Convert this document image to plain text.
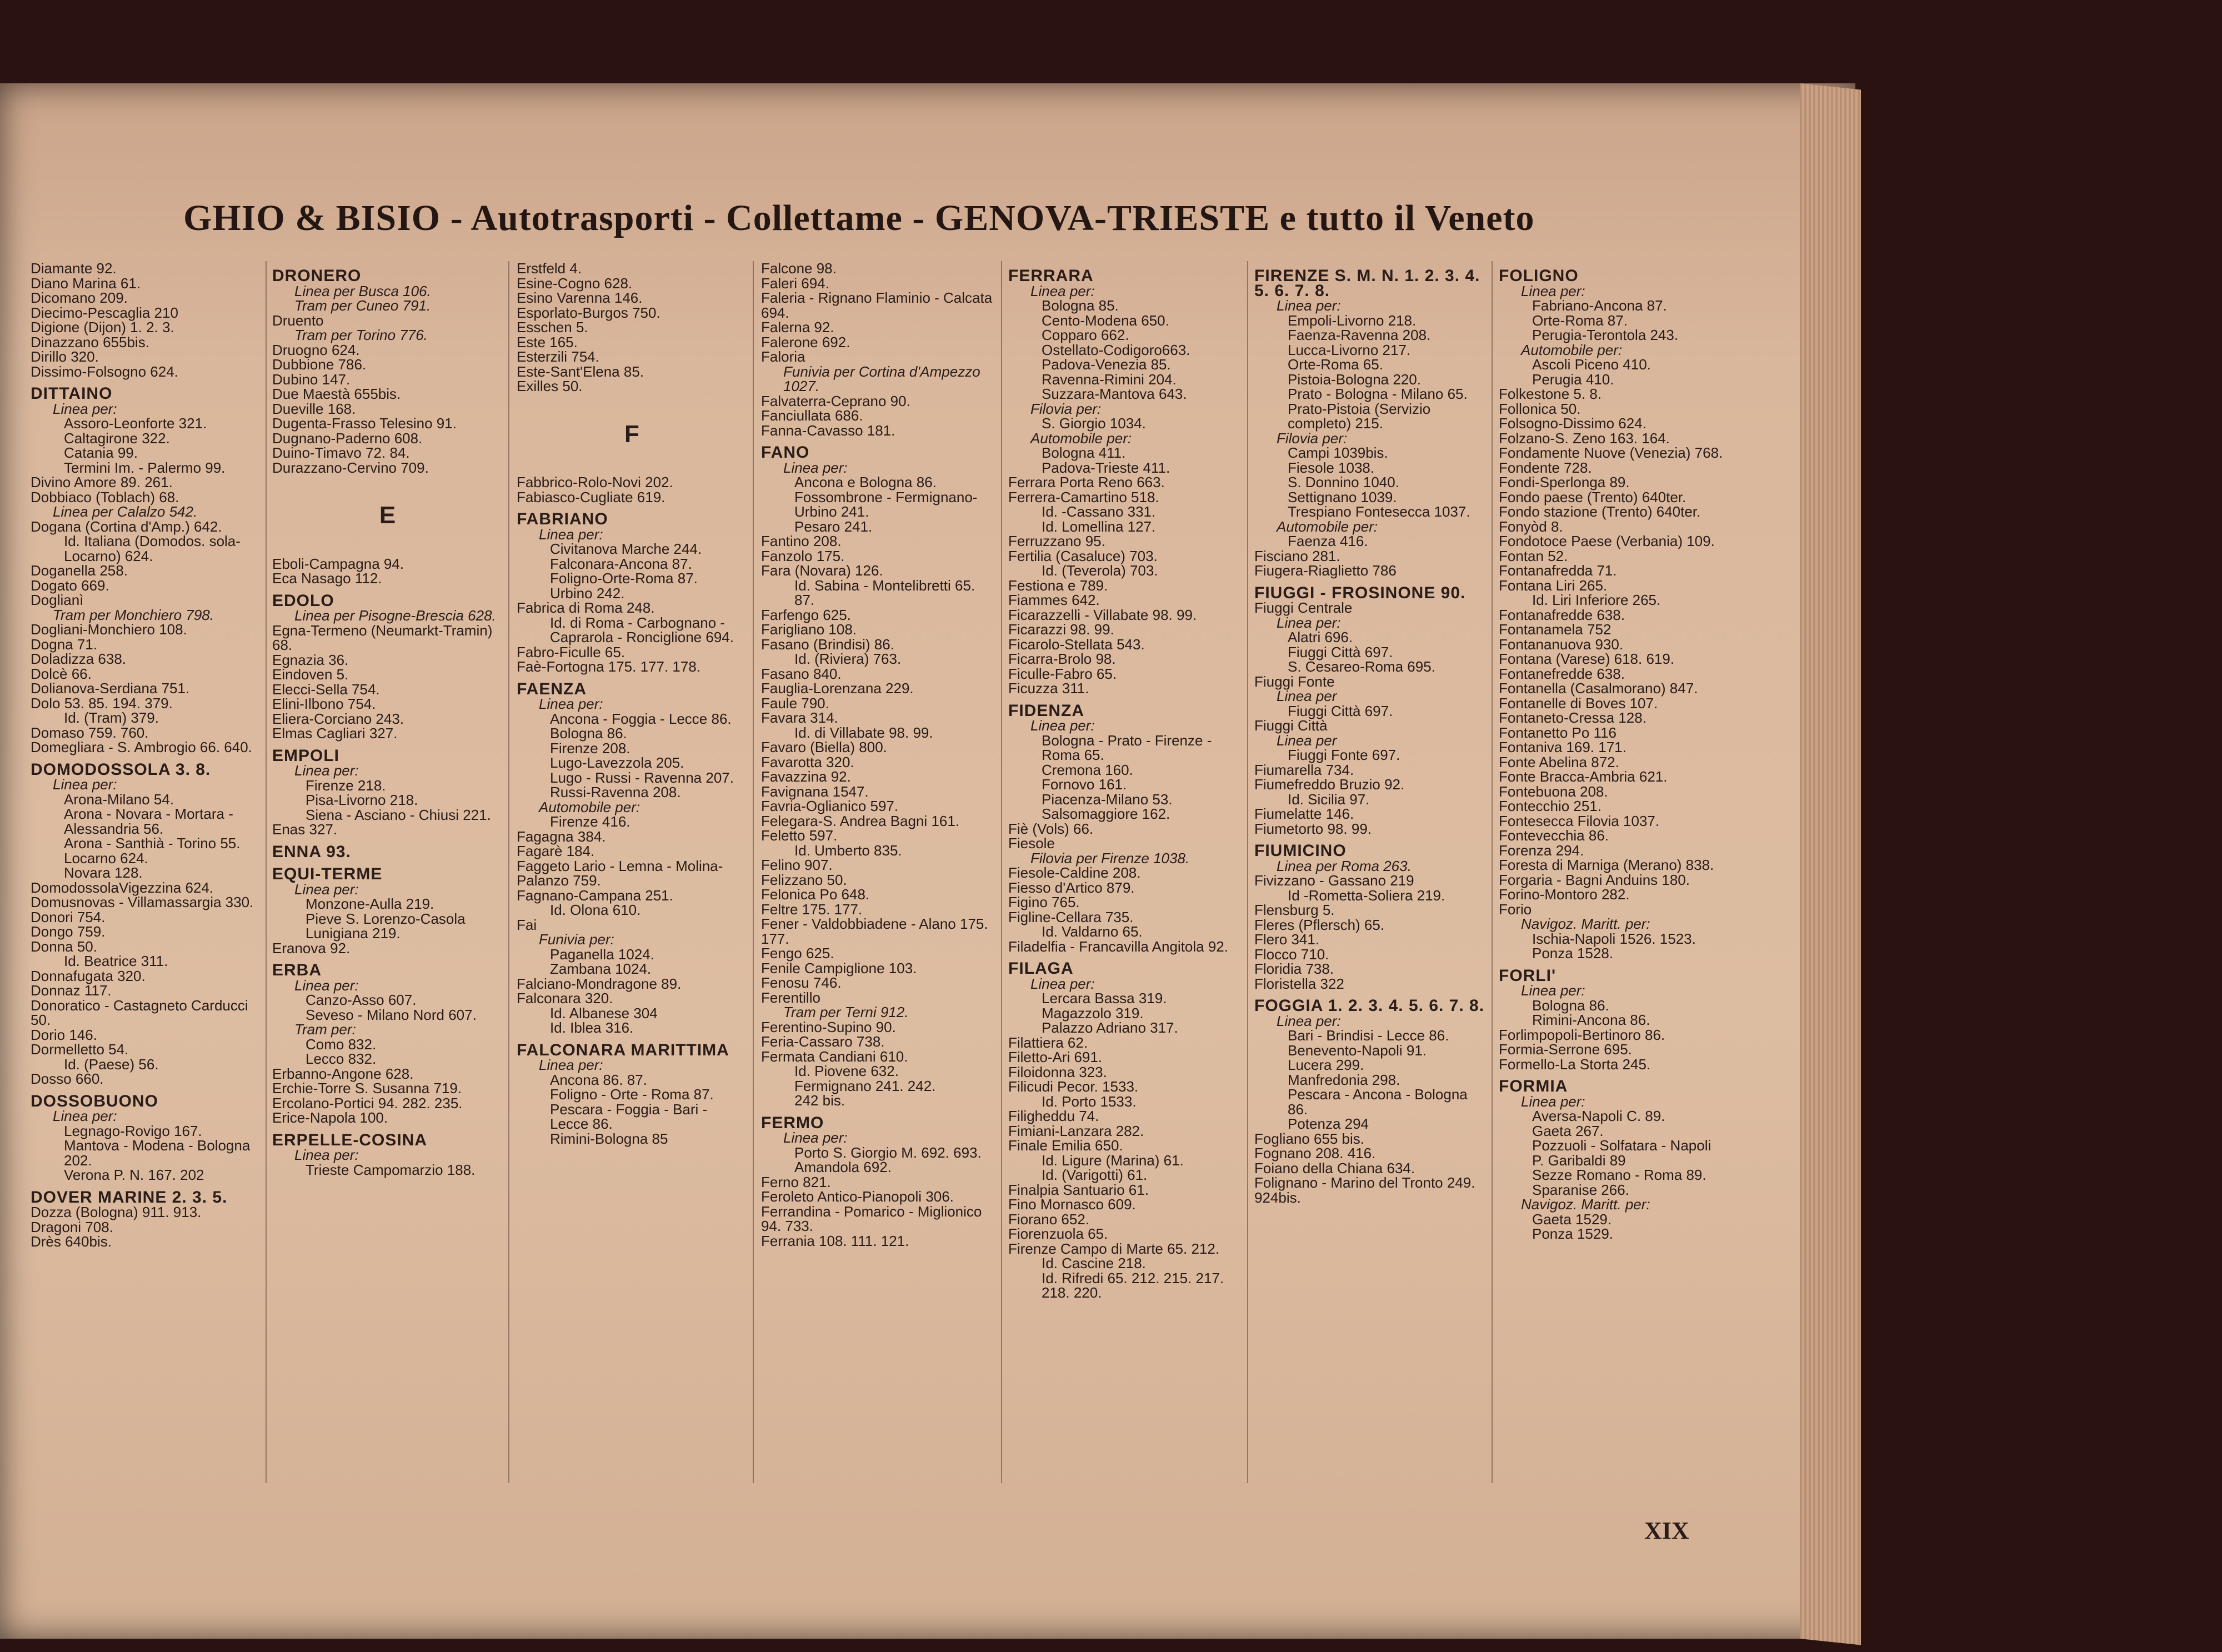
GHIO & BISIO - Autotrasporti - Collettame - GENOVA-TRIESTE e tutto il Veneto
Diamante 92.
Diano Marina 61.
Dicomano 209.
Diecimo-Pescaglia 210
Digione (Dijon) 1. 2. 3.
Dinazzano 655bis.
Dirillo 320.
Dissimo-Folsogno 624.
DITTAINO
Linea per:
Assoro-Leonforte 321.
Caltagirone 322.
Catania 99.
Termini Im. - Palermo 99.
Divino Amore 89. 261.
Dobbiaco (Toblach) 68.
Linea per Calalzo 542.
Dogana (Cortina d'Amp.) 642.
Id. Italiana (Domodos. sola-Locarno) 624.
Doganella 258.
Dogato 669.
Doglianì
Tram per Monchiero 798.
Dogliani-Monchiero 108.
Dogna 71.
Doladizza 638.
Dolcè 66.
Dolianova-Serdiana 751.
Dolo 53. 85. 194. 379.
Id. (Tram) 379.
Domaso 759. 760.
Domegliara - S. Ambrogio 66. 640.
DOMODOSSOLA 3. 8.
Linea per:
Arona-Milano 54.
Arona - Novara - Mortara - Alessandria 56.
Arona - Santhià - Torino 55.
Locarno 624.
Novara 128.
DomodossolaVigezzina 624.
Domusnovas - Villamassargia 330.
Donori 754.
Dongo 759.
Donna 50.
Id. Beatrice 311.
Donnafugata 320.
Donnaz 117.
Donoratico - Castagneto Carducci 50.
Dorio 146.
Dormelletto 54.
Id. (Paese) 56.
Dosso 660.
DOSSOBUONO
Linea per:
Legnago-Rovigo 167.
Mantova - Modena - Bologna 202.
Verona P. N. 167. 202
DOVER MARINE 2. 3. 5.
Dozza (Bologna) 911. 913.
Dragoni 708.
Drès 640bis.
DRONERO
Linea per Busca 106.
Tram per Cuneo 791.
Druento
Tram per Torino 776.
Druogno 624.
Dubbione 786.
Dubino 147.
Due Maestà 655bis.
Dueville 168.
Dugenta-Frasso Telesino 91.
Dugnano-Paderno 608.
Duino-Timavo 72. 84.
Durazzano-Cervino 709.
E
Eboli-Campagna 94.
Eca Nasago 112.
EDOLO
Linea per Pisogne-Brescia 628.
Egna-Termeno (Neumarkt-Tramin) 68.
Egnazia 36.
Eindoven 5.
Elecci-Sella 754.
Elini-Ilbono 754.
Eliera-Corciano 243.
Elmas Cagliari 327.
EMPOLI
Linea per:
Firenze 218.
Pisa-Livorno 218.
Siena - Asciano - Chiusi 221.
Enas 327.
ENNA 93.
EQUI-TERME
Linea per:
Monzone-Aulla 219.
Pieve S. Lorenzo-Casola Lunigiana 219.
Eranova 92.
ERBA
Linea per:
Canzo-Asso 607.
Seveso - Milano Nord 607.
Tram per:
Como 832.
Lecco 832.
Erbanno-Angone 628.
Erchie-Torre S. Susanna 719.
Ercolano-Portici 94. 282. 235.
Erice-Napola 100.
ERPELLE-COSINA
Linea per:
Trieste Campomarzio 188.
Erstfeld 4.
Esine-Cogno 628.
Esino Varenna 146.
Esporlato-Burgos 750.
Esschen 5.
Este 165.
Esterzili 754.
Este-Sant'Elena 85.
Exilles 50.
F
Fabbrico-Rolo-Novi 202.
Fabiasco-Cugliate 619.
FABRIANO
Linea per:
Civitanova Marche 244.
Falconara-Ancona 87.
Foligno-Orte-Roma 87.
Urbino 242.
Fabrica di Roma 248.
Id. di Roma - Carbognano - Caprarola - Ronciglione 694.
Fabro-Ficulle 65.
Faè-Fortogna 175. 177. 178.
FAENZA
Linea per:
Ancona - Foggia - Lecce 86.
Bologna 86.
Firenze 208.
Lugo-Lavezzola 205.
Lugo - Russi - Ravenna 207.
Russi-Ravenna 208.
Automobile per:
Firenze 416.
Fagagna 384.
Fagarè 184.
Faggeto Lario - Lemna - Molina-Palanzo 759.
Fagnano-Campana 251.
Id. Olona 610.
Fai
Funivia per:
Paganella 1024.
Zambana 1024.
Falciano-Mondragone 89.
Falconara 320.
Id. Albanese 304
Id. Iblea 316.
FALCONARA MARITTIMA
Linea per:
Ancona 86. 87.
Foligno - Orte - Roma 87.
Pescara - Foggia - Bari - Lecce 86.
Rimini-Bologna 85
Falcone 98.
Faleri 694.
Faleria - Rignano Flaminio - Calcata 694.
Falerna 92.
Falerone 692.
Faloria
Funivia per Cortina d'Ampezzo 1027.
Falvaterra-Ceprano 90.
Fanciullata 686.
Fanna-Cavasso 181.
FANO
Linea per:
Ancona e Bologna 86.
Fossombrone - Fermignano-Urbino 241.
Pesaro 241.
Fantino 208.
Fanzolo 175.
Fara (Novara) 126.
Id. Sabina - Montelibretti 65. 87.
Farfengo 625.
Farigliano 108.
Fasano (Brindisi) 86.
Id. (Riviera) 763.
Fasano 840.
Fauglia-Lorenzana 229.
Faule 790.
Favara 314.
Id. di Villabate 98. 99.
Favaro (Biella) 800.
Favarotta 320.
Favazzina 92.
Favignana 1547.
Favria-Oglianico 597.
Felegara-S. Andrea Bagni 161.
Feletto 597.
Id. Umberto 835.
Felino 907.
Felizzano 50.
Felonica Po 648.
Feltre 175. 177.
Fener - Valdobbiadene - Alano 175. 177.
Fengo 625.
Fenile Campiglione 103.
Fenosu 746.
Ferentillo
Tram per Terni 912.
Ferentino-Supino 90.
Feria-Cassaro 738.
Fermata Candiani 610.
Id. Piovene 632.
Fermignano 241. 242.
242 bis.
FERMO
Linea per:
Porto S. Giorgio M. 692. 693.
Amandola 692.
Ferno 821.
Feroleto Antico-Pianopoli 306.
Ferrandina - Pomarico - Miglionico 94. 733.
Ferrania 108. 111. 121.
FERRARA
Linea per:
Bologna 85.
Cento-Modena 650.
Copparo 662.
Ostellato-Codigoro663.
Padova-Venezia 85.
Ravenna-Rimini 204.
Suzzara-Mantova 643.
Filovia per:
S. Giorgio 1034.
Automobile per:
Bologna 411.
Padova-Trieste 411.
Ferrara Porta Reno 663.
Ferrera-Camartino 518.
Id. -Cassano 331.
Id. Lomellina 127.
Ferruzzano 95.
Fertilia (Casaluce) 703.
Id. (Teverola) 703.
Festiona e 789.
Fiammes 642.
Ficarazzelli - Villabate 98. 99.
Ficarazzi 98. 99.
Ficarolo-Stellata 543.
Ficarra-Brolo 98.
Ficulle-Fabro 65.
Ficuzza 311.
FIDENZA
Linea per:
Bologna - Prato - Firenze - Roma 65.
Cremona 160.
Fornovo 161.
Piacenza-Milano 53.
Salsomaggiore 162.
Fiè (Vols) 66.
Fiesole
Filovia per Firenze 1038.
Fiesole-Caldine 208.
Fiesso d'Artico 879.
Figino 765.
Figline-Cellara 735.
Id. Valdarno 65.
Filadelfia - Francavilla Angitola 92.
FILAGA
Linea per:
Lercara Bassa 319.
Magazzolo 319.
Palazzo Adriano 317.
Filattiera 62.
Filetto-Ari 691.
Filoidonna 323.
Filicudi Pecor. 1533.
Id. Porto 1533.
Filigheddu 74.
Fimiani-Lanzara 282.
Finale Emilia 650.
Id. Ligure (Marina) 61.
Id. (Varigotti) 61.
Finalpia Santuario 61.
Fino Mornasco 609.
Fiorano 652.
Fiorenzuola 65.
Firenze Campo di Marte 65. 212.
Id. Cascine 218.
Id. Rifredi 65. 212. 215. 217. 218. 220.
FIRENZE S. M. N. 1. 2. 3. 4. 5. 6. 7. 8.
Linea per:
Empoli-Livorno 218.
Faenza-Ravenna 208.
Lucca-Livorno 217.
Orte-Roma 65.
Pistoia-Bologna 220.
Prato - Bologna - Milano 65.
Prato-Pistoia (Servizio completo) 215.
Filovia per:
Campi 1039bis.
Fiesole 1038.
S. Donnino 1040.
Settignano 1039.
Trespiano Fontesecca 1037.
Automobile per:
Faenza 416.
Fisciano 281.
Fiugera-Riaglietto 786
FIUGGI - FROSINONE 90.
Fiuggi Centrale
Linea per:
Alatri 696.
Fiuggi Città 697.
S. Cesareo-Roma 695.
Fiuggi Fonte
Linea per
Fiuggi Città 697.
Fiuggi Città
Linea per
Fiuggi Fonte 697.
Fiumarella 734.
Fiumefreddo Bruzio 92.
Id. Sicilia 97.
Fiumelatte 146.
Fiumetorto 98. 99.
FIUMICINO
Linea per Roma 263.
Fivizzano - Gassano 219
Id -Rometta-Soliera 219.
Flensburg 5.
Fleres (Pflersch) 65.
Flero 341.
Flocco 710.
Floridia 738.
Floristella 322
FOGGIA 1. 2. 3. 4. 5. 6. 7. 8.
Linea per:
Bari - Brindisi - Lecce 86.
Benevento-Napoli 91.
Lucera 299.
Manfredonia 298.
Pescara - Ancona - Bologna 86.
Potenza 294
Fogliano 655 bis.
Fognano 208. 416.
Foiano della Chiana 634.
Folignano - Marino del Tronto 249. 924bis.
FOLIGNO
Linea per:
Fabriano-Ancona 87.
Orte-Roma 87.
Perugia-Terontola 243.
Automobile per:
Ascoli Piceno 410.
Perugia 410.
Folkestone 5. 8.
Follonica 50.
Folsogno-Dissimo 624.
Folzano-S. Zeno 163. 164.
Fondamente Nuove (Venezia) 768.
Fondente 728.
Fondi-Sperlonga 89.
Fondo paese (Trento) 640ter.
Fondo stazione (Trento) 640ter.
Fonyòd 8.
Fondotoce Paese (Verbania) 109.
Fontan 52.
Fontanafredda 71.
Fontana Liri 265.
Id. Liri Inferiore 265.
Fontanafredde 638.
Fontanamela 752
Fontananuova 930.
Fontana (Varese) 618. 619.
Fontanefredde 638.
Fontanella (Casalmorano) 847.
Fontanelle di Boves 107.
Fontaneto-Cressa 128.
Fontanetto Po 116
Fontaniva 169. 171.
Fonte Abelina 872.
Fonte Bracca-Ambria 621.
Fontebuona 208.
Fontecchio 251.
Fontesecca Filovia 1037.
Fontevecchia 86.
Forenza 294.
Foresta di Marniga (Merano) 838.
Forgaria - Bagni Anduins 180.
Forino-Montoro 282.
Forio
Navigoz. Maritt. per:
Ischia-Napoli 1526. 1523.
Ponza 1528.
FORLI'
Linea per:
Bologna 86.
Rimini-Ancona 86.
Forlimpopoli-Bertinoro 86.
Formia-Serrone 695.
Formello-La Storta 245.
FORMIA
Linea per:
Aversa-Napoli C. 89.
Gaeta 267.
Pozzuoli - Solfatara - Napoli P. Garibaldi 89
Sezze Romano - Roma 89.
Sparanise 266.
Navigoz. Maritt. per:
Gaeta 1529.
Ponza 1529.
XIX
